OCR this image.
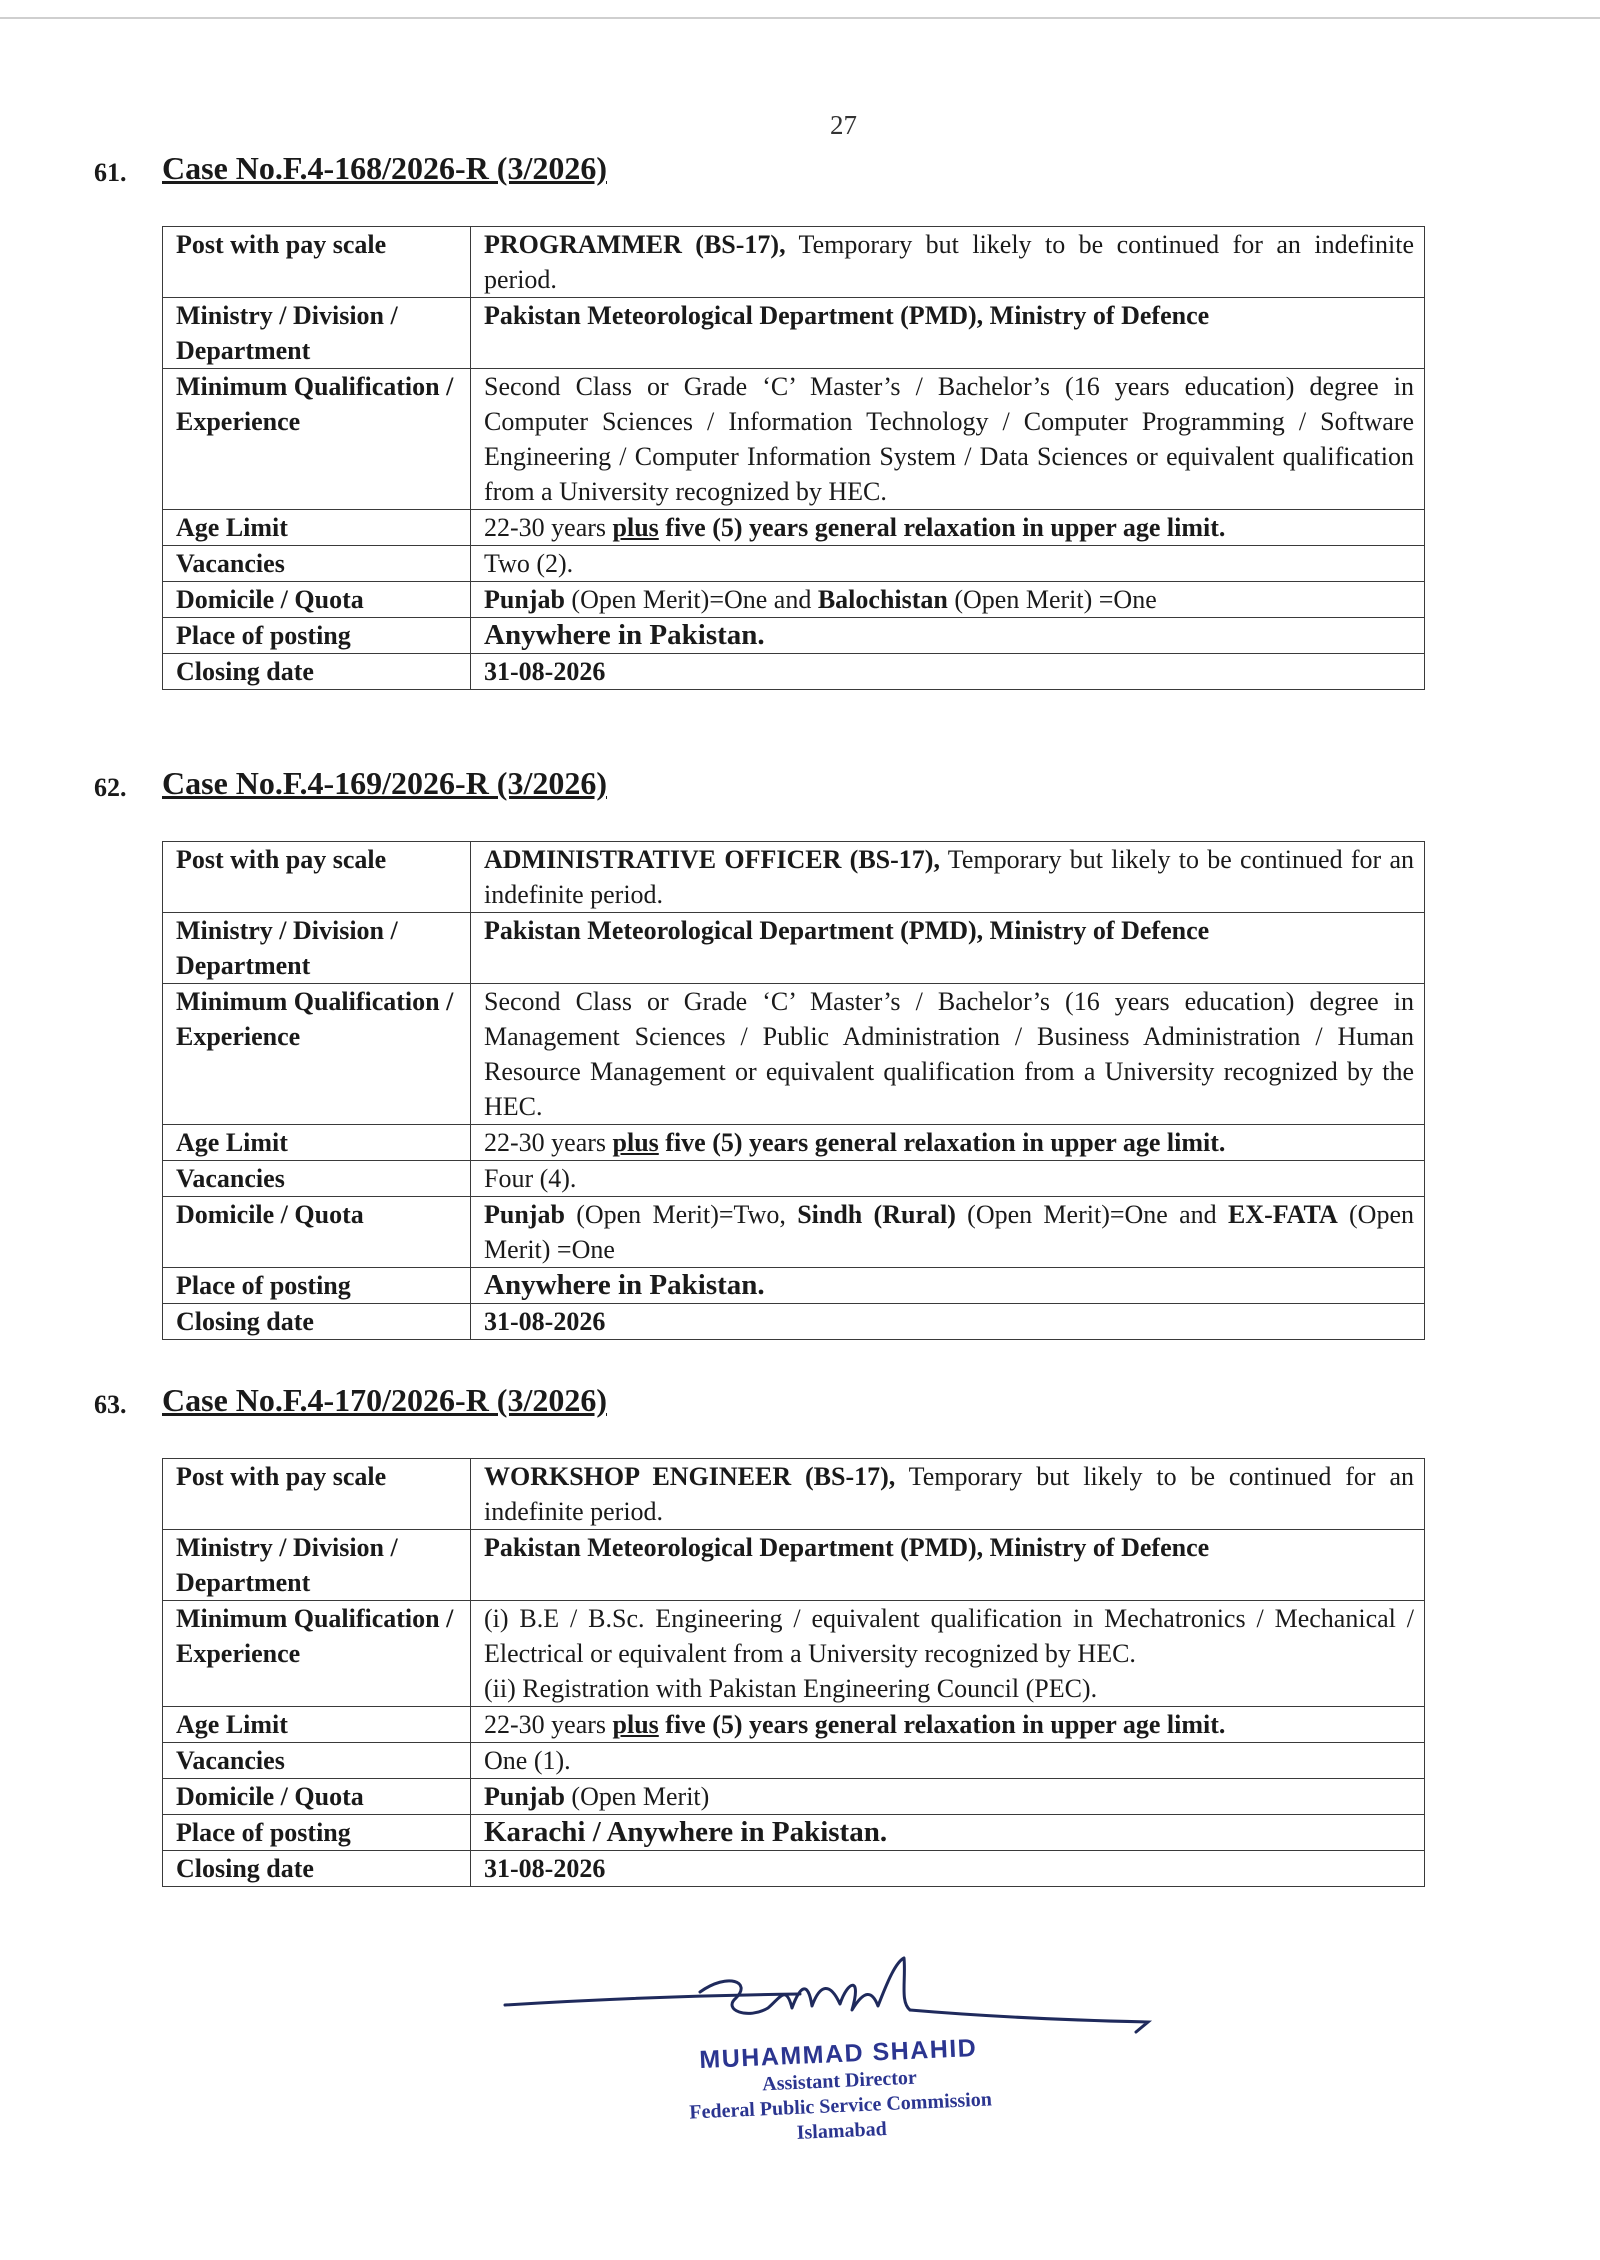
27
61. Case No.F.4-168/2026-R (3/2026)
Post with pay scale	PROGRAMMER (BS-17), Temporary but likely to be continued for an indefinite period.
Ministry / Division / Department	Pakistan Meteorological Department (PMD), Ministry of Defence
Minimum Qualification / Experience	Second Class or Grade ‘C’ Master’s / Bachelor’s (16 years education) degree in Computer Sciences / Information Technology / Computer Programming / Software Engineering / Computer Information System / Data Sciences or equivalent qualification from a University recognized by HEC.

Age Limit	22-30 years plus five (5) years general relaxation in upper age limit.
Vacancies	Two (2).
Domicile / Quota	Punjab (Open Merit)=One and Balochistan (Open Merit) =One
Place of posting	Anywhere in Pakistan.
Closing date	31-08-2026
62. Case No.F.4-169/2026-R (3/2026)
Post with pay scale	ADMINISTRATIVE OFFICER (BS-17), Temporary but likely to be continued for an indefinite period.
Ministry / Division / Department	Pakistan Meteorological Department (PMD), Ministry of Defence
Minimum Qualification / Experience	Second Class or Grade ‘C’ Master’s / Bachelor’s (16 years education) degree in Management Sciences / Public Administration / Business Administration / Human Resource Management or equivalent qualification from a University recognized by the HEC.

Age Limit	22-30 years plus five (5) years general relaxation in upper age limit.
Vacancies	Four (4).
Domicile / Quota	Punjab (Open Merit)=Two, Sindh (Rural) (Open Merit)=One and EX-FATA (Open Merit) =One
Place of posting	Anywhere in Pakistan.
Closing date	31-08-2026
63. Case No.F.4-170/2026-R (3/2026)
Post with pay scale	WORKSHOP ENGINEER (BS-17), Temporary but likely to be continued for an indefinite period.
Ministry / Division / Department	Pakistan Meteorological Department (PMD), Ministry of Defence
Minimum Qualification / Experience	(i) B.E / B.Sc. Engineering / equivalent qualification in Mechatronics / Mechanical / Electrical or equivalent from a University recognized by HEC.
(ii) Registration with Pakistan Engineering Council (PEC).

Age Limit	22-30 years plus five (5) years general relaxation in upper age limit.
Vacancies	One (1).
Domicile / Quota	Punjab (Open Merit)
Place of posting	Karachi / Anywhere in Pakistan.
Closing date	31-08-2026
MUHAMMAD SHAHID
Assistant Director
Federal Public Service Commission
Islamabad
